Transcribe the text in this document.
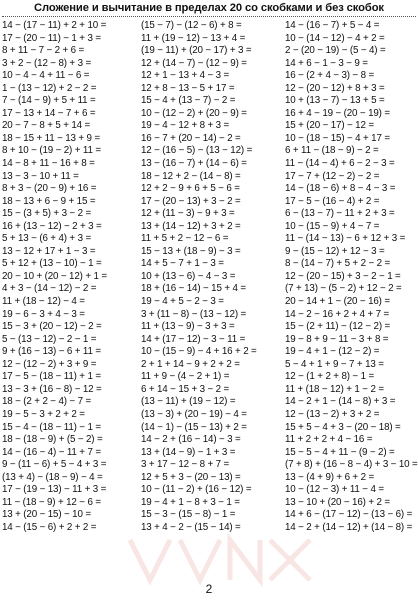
Сложение и вычитание в пределах 20 со скобками и без скобок
14 − (17 − 11) + 2 + 10 =
17 − (20 − 11) − 1 + 3 =
8 + 11 − 7 − 2 + 6 =
3 + 2 − (12 − 8) + 3 =
10 − 4 − 4 + 11 − 6 =
1 − (13 − 12) + 2 − 2 =
7 − (14 − 9) + 5 + 11 =
17 − 13 + 14 − 7 + 6 =
20 − 7 − 8 + 5 + 14 =
18 − 15 + 11 − 13 + 9 =
8 + 10 − (19 − 2) + 11 =
14 − 8 + 11 − 16 + 8 =
13 − 3 − 10 + 11 =
8 + 3 − (20 − 9) + 16 =
18 − 13 + 6 − 9 + 15 =
15 − (3 + 5) + 3 − 2 =
16 + (13 − 12) − 2 + 3 =
5 + 13 − (6 + 4) + 3 =
13 − 12 + 17 + 1 − 3 =
5 + 12 + (13 − 10) − 1 =
20 − 10 + (20 − 12) + 1 =
4 + 3 − (14 − 12) − 2 =
11 + (18 − 12) − 4 =
19 − 6 − 3 + 4 − 3 =
15 − 3 + (20 − 12) − 2 =
5 − (13 − 12) − 2 − 1 =
9 + (16 − 13) − 6 + 11 =
12 − (12 − 2) + 3 + 9 =
17 − 5 − (18 − 11) + 1 =
13 − 3 + (16 − 8) − 12 =
18 − (2 + 2 − 4) − 7 =
19 − 5 − 3 + 2 + 2 =
15 − 4 − (18 − 11) − 1 =
18 − (18 − 9) + (5 − 2) =
14 − (16 − 4) − 11 + 7 =
9 − (11 − 6) + 5 − 4 + 3 =
(13 + 4) − (18 − 9) − 4 =
17 − (19 − 13) − 11 + 3 =
11 − (18 − 9) + 12 − 6 =
13 + (20 − 15) − 10 =
14 − (15 − 6) + 2 + 2 =
(15 − 7) − (12 − 6) + 8 =
11 + (19 − 12) − 13 + 4 =
(19 − 11) + (20 − 17) + 3 =
12 + (14 − 7) − (12 − 9) =
12 + 1 − 13 + 4 − 3 =
12 + 8 − 13 − 5 + 17 =
15 − 4 + (13 − 7) − 2 =
10 − (12 − 2) + (20 − 9) =
19 − 4 − 12 + 8 + 3 =
16 − 7 + (20 − 14) − 2 =
12 − (16 − 5) − (13 − 12) =
13 − (16 − 7) + (14 − 6) =
18 − 12 + 2 − (14 − 8) =
12 + 2 − 9 + 6 + 5 − 6 =
17 − (20 − 13) + 3 − 2 =
12 + (11 − 3) − 9 + 3 =
13 + (14 − 12) + 3 + 2 =
11 + 5 + 2 − 12 − 6 =
15 − 13 + (18 − 9) − 3 =
14 + 5 − 7 + 1 − 3 =
10 + (13 − 6) − 4 − 3 =
18 + (16 − 14) − 15 + 4 =
19 − 4 + 5 − 2 − 3 =
3 + (11 − 8) − (13 − 12) =
11 + (13 − 9) − 3 + 3 =
14 + (17 − 12) − 3 − 11 =
10 − (15 − 9) − 4 + 16 + 2 =
2 + 1 + 14 − 9 + 2 + 2 =
11 + 9 − (4 − 2 + 1) =
6 + 14 − 15 + 3 − 2 =
(13 − 11) + (19 − 12) =
(13 − 3) + (20 − 19) − 4 =
(14 − 1) − (15 − 13) + 2 =
14 − 2 + (16 − 14) − 3 =
13 + (14 − 9) − 1 + 3 =
3 + 17 − 12 − 8 + 7 =
12 + 5 + 3 − (20 − 13) =
10 − (11 − 2) + (16 − 12) =
19 − 4 + 1 − 8 + 3 − 1 =
15 − 3 − (15 − 8) − 1 =
13 + 4 − 2 − (15 − 14) =
14 − (16 − 7) + 5 − 4 =
10 − (14 − 12) − 4 + 2 =
2 − (20 − 19) − (5 − 4) =
14 + 6 − 1 − 3 − 9 =
16 − (2 + 4 − 3) − 8 =
12 − (20 − 12) + 8 + 3 =
10 + (13 − 7) − 13 + 5 =
16 + 4 − 19 − (20 − 19) =
15 + (20 − 17) − 12 =
10 − (18 − 15) − 4 + 17 =
6 + 11 − (18 − 9) − 2 =
11 − (14 − 4) + 6 − 2 − 3 =
17 − 7 + (12 − 2) − 2 =
14 − (18 − 6) + 8 − 4 − 3 =
17 − 5 − (16 − 4) + 2 =
6 − (13 − 7) − 11 + 2 + 3 =
10 − (15 − 9) + 4 − 7 =
11 − (14 − 13) − 6 + 12 + 3 =
9 − (15 − 12) + 12 − 3 =
8 − (14 − 7) + 5 + 2 − 2 =
12 − (20 − 15) + 3 − 2 − 1 =
(7 + 13) − (5 − 2) + 12 − 2 =
20 − 14 + 1 − (20 − 16) =
14 − 2 − 16 + 2 + 4 + 7 =
15 − (2 + 11) − (12 − 2) =
19 − 8 + 9 − 11 − 3 + 8 =
19 − 4 + 1 − (12 − 2) =
5 − 4 + 1 + 9 − 7 + 13 =
12 − (1 + 2 + 8) − 1 =
11 + (18 − 12) + 1 − 2 =
14 − 2 + 1 − (14 − 8) + 3 =
12 − (13 − 2) + 3 + 2 =
15 + 5 − 4 + 3 − (20 − 18) =
11 + 2 + 2 + 4 − 16 =
15 − 5 − 4 + 11 − (9 − 2) =
(7 + 8) + (16 − 8 − 4) + 3 − 10 =
13 − (4 + 9) + 6 + 2 =
10 − (12 − 3) + 11 − 4 =
13 − 10 + (20 − 16) + 2 =
14 + 6 − (17 − 12) − (13 − 6) =
14 − 2 + (14 − 12) + (14 − 8) =
2
